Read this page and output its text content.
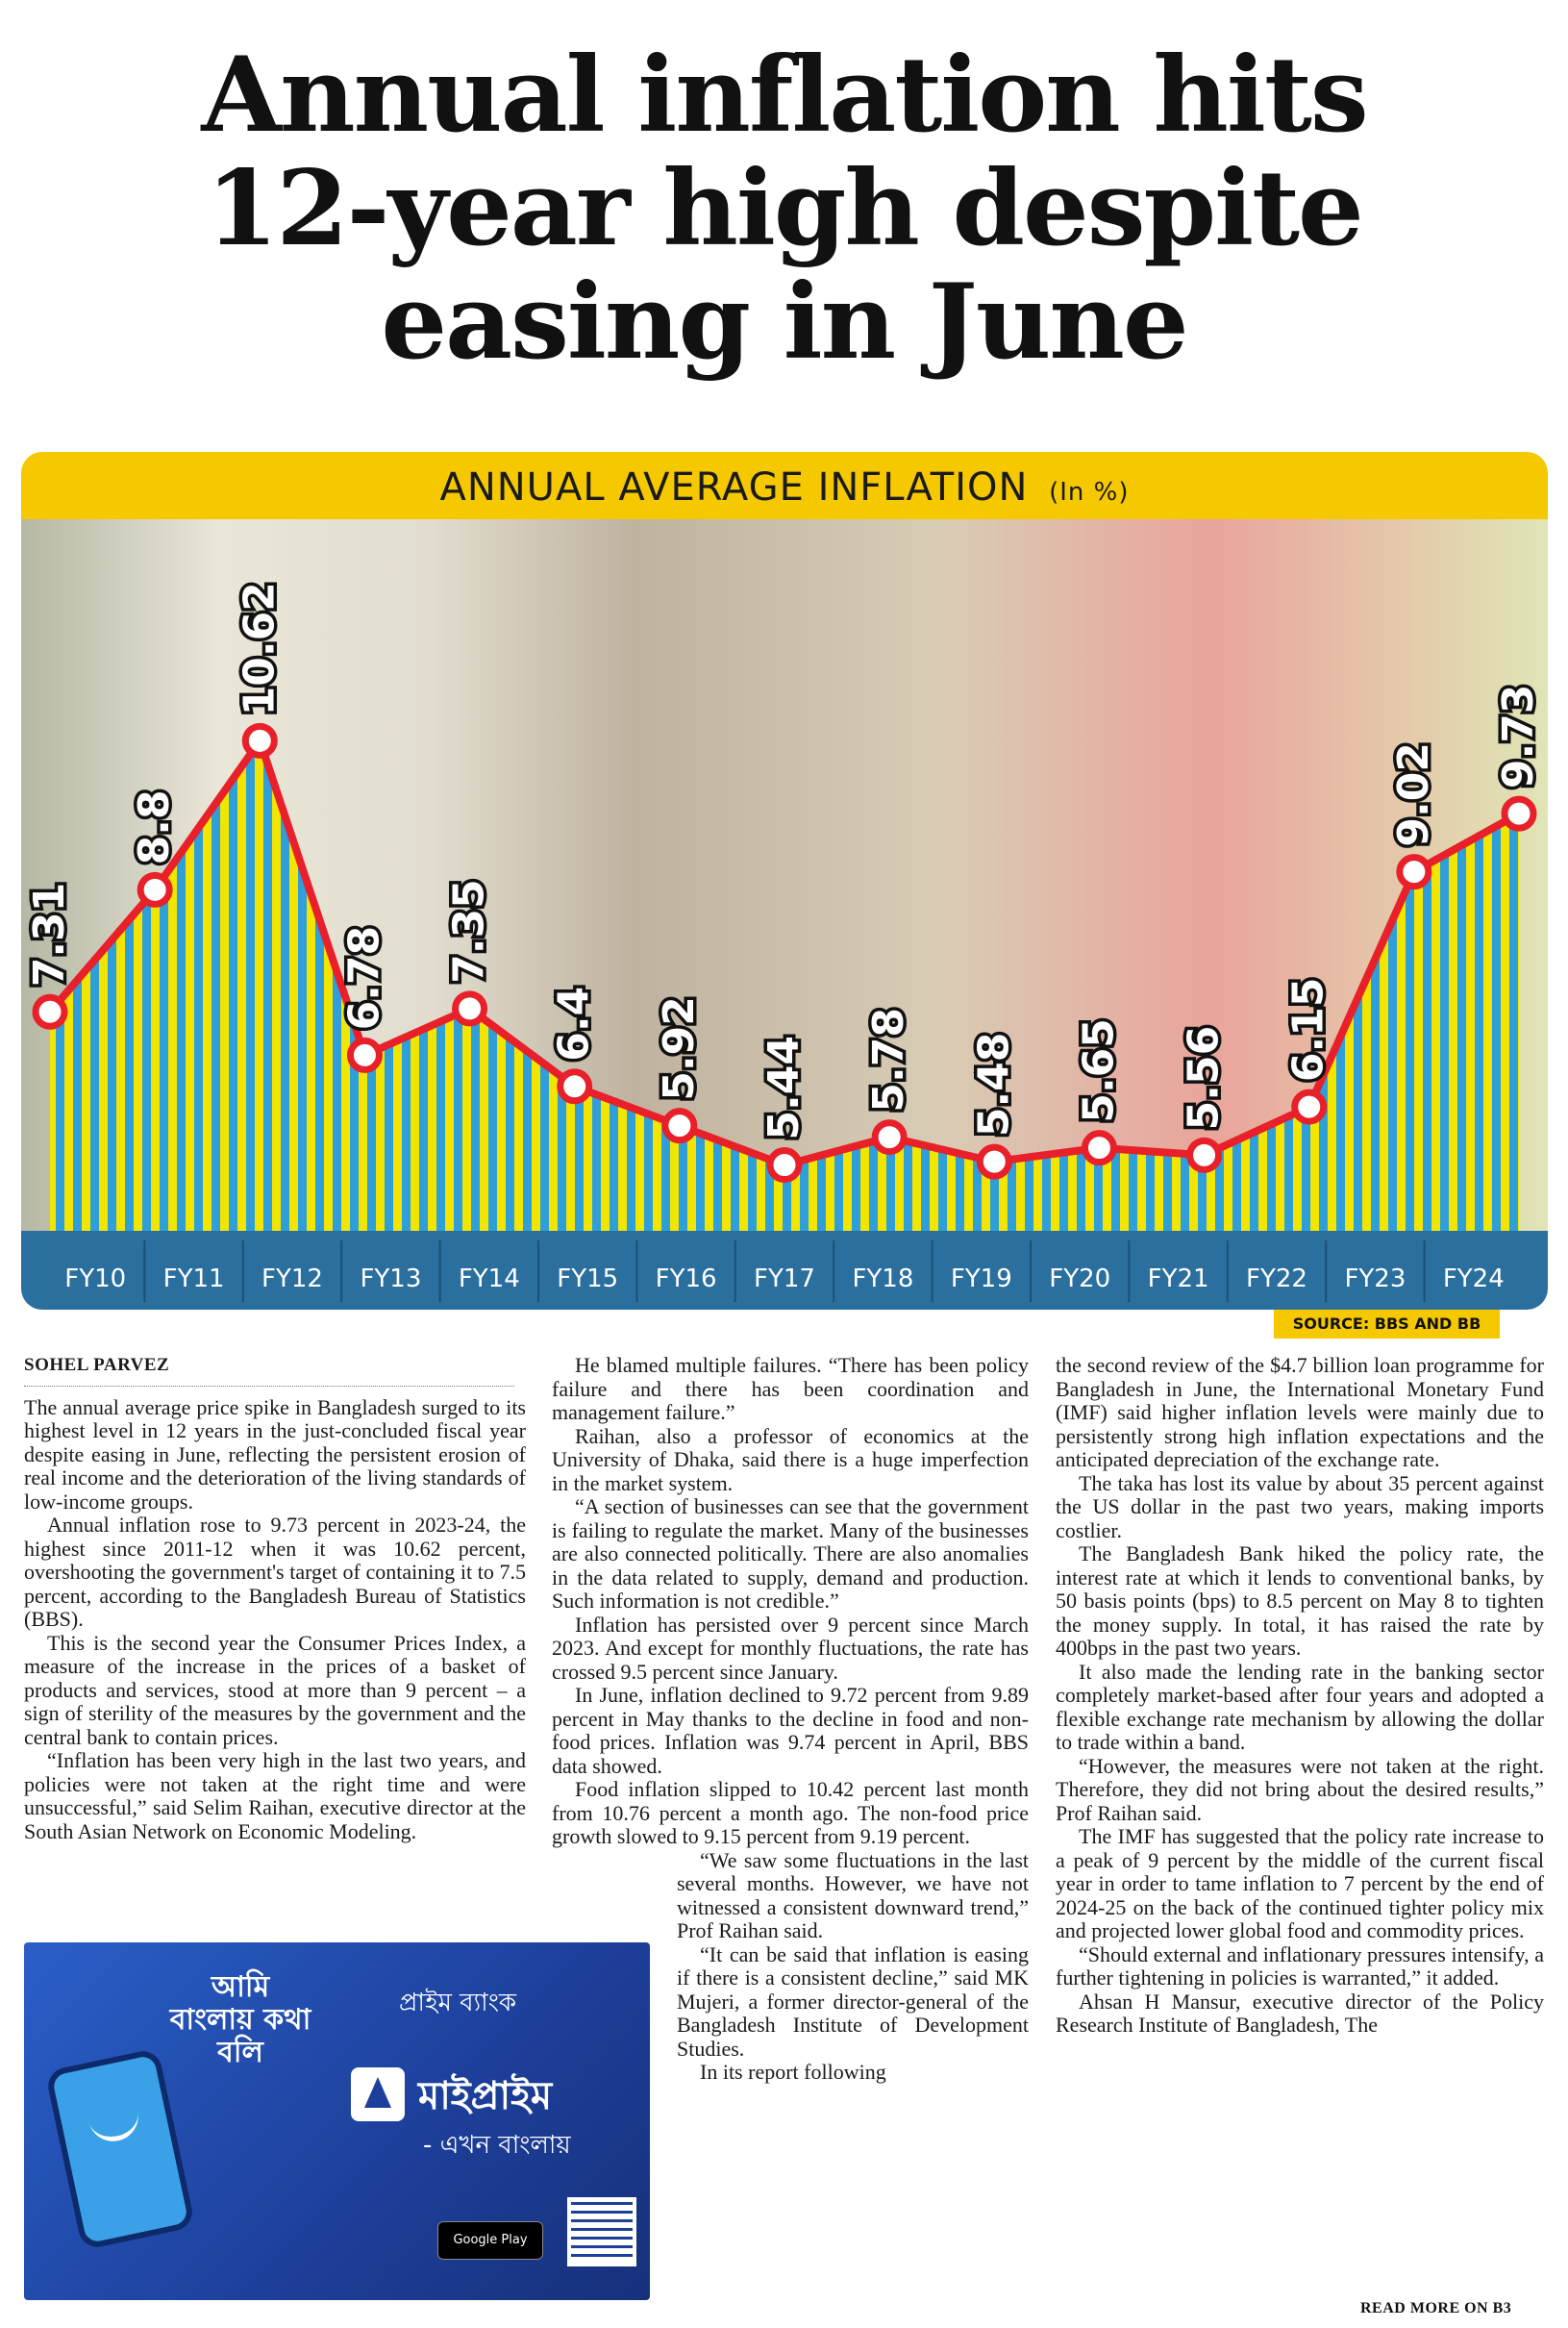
Annual inflation hits
12-year high despite
easing in June
ANNUAL AVERAGE INFLATION (In %)
7.31
8.8
10.62
6.78 7.35
6.4 5.92 5.44 5.78 5.48 5.65 5.56 6.15
9.02
9.73
FY10 FY11 FY12 FY13 FY14 FY15 FY16 FY17 FY18 FY19 FY20 FY21 FY22 FY23 FY24
SOURCE: BBS AND BB
SOHEL PARVEZ

The annual average price spike in Bangladesh surged to its highest level in 12 years in the just-concluded fiscal year despite easing in June, reflecting the persistent erosion of real income and the deterioration of the living standards of low-income groups.

Annual inflation rose to 9.73 percent in 2023-24, the highest since 2011-12 when it was 10.62 percent, overshooting the government's target of containing it to 7.5 percent, according to the Bangladesh Bureau of Statistics (BBS).

This is the second year the Consumer Prices Index, a measure of the increase in the prices of a basket of products and services, stood at more than 9 percent – a sign of sterility of the measures by the government and the central bank to contain prices.

“Inflation has been very high in the last two years, and policies were not taken at the right time and were unsuccessful,” said Selim Raihan, executive director at the South Asian Network on Economic Modeling.

He blamed multiple failures. “There has been policy failure and there has been coordination and management failure.”

Raihan, also a professor of economics at the University of Dhaka, said there is a huge imperfection in the market system.

“A section of businesses can see that the government is failing to regulate the market. Many of the businesses are also connected politically. There are also anomalies in the data related to supply, demand and production. Such information is not credible.”

Inflation has persisted over 9 percent since March 2023. And except for monthly fluctuations, the rate has crossed 9.5 percent since January.

In June, inflation declined to 9.72 percent from 9.89 percent in May thanks to the decline in food and non-food prices. Inflation was 9.74 percent in April, BBS data showed.

Food inflation slipped to 10.42 percent last month from 10.76 percent a month ago. The non-food price growth slowed to 9.15 percent from 9.19 percent.

“We saw some fluctuations in the last several months. However, we have not witnessed a consistent downward trend,” Prof Raihan said.

“It can be said that inflation is easing if there is a consistent decline,” said MK Mujeri, a former director-general of the Bangladesh Institute of Development Studies.

In its report following

the second review of the $4.7 billion loan programme for Bangladesh in June, the International Monetary Fund (IMF) said higher inflation levels were mainly due to persistently strong high inflation expectations and the anticipated depreciation of the exchange rate.

The taka has lost its value by about 35 percent against the US dollar in the past two years, making imports costlier.

The Bangladesh Bank hiked the policy rate, the interest rate at which it lends to conventional banks, by 50 basis points (bps) to 8.5 percent on May 8 to tighten the money supply. In total, it has raised the rate by 400bps in the past two years.

It also made the lending rate in the banking sector completely market-based after four years and adopted a flexible exchange rate mechanism by allowing the dollar to trade within a band.

“However, the measures were not taken at the right. Therefore, they did not bring about the desired results,” Prof Raihan said.

The IMF has suggested that the policy rate increase to a peak of 9 percent by the middle of the current fiscal year in order to tame inflation to 7 percent by the end of 2024-25 on the back of the continued tighter policy mix and projected lower global food and commodity prices.

“Should external and inflationary pressures intensify, a further tightening in policies is warranted,” it added.

Ahsan H Mansur, executive director of the Policy Research Institute of Bangladesh, The

আমি বাংলায় কথা বলি
প্রাইম ব্যাংক
মাইপ্রাইম
- এখন বাংলায়
Google Play
READ MORE ON B3
